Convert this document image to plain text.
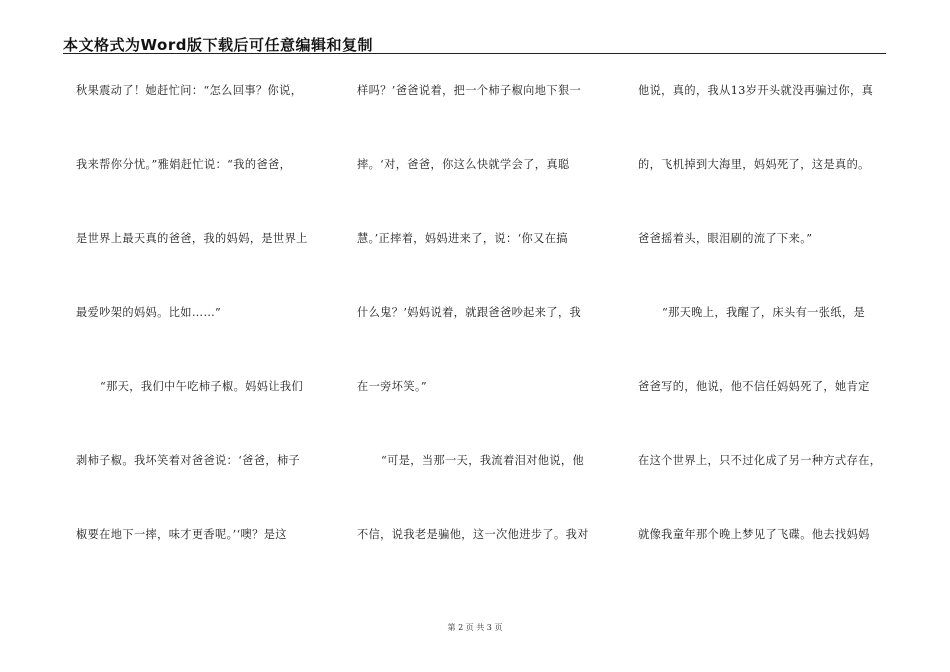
本文格式为Word版下载后可任意编辑和复制
秋果震动了！她赶忙问：“怎么回事？你说，
我来帮你分忧。”雅娟赶忙说：“我的爸爸，
是世界上最天真的爸爸，我的妈妈，是世界上
最爱吵架的妈妈。比如……”
“那天，我们中午吃柿子椒。妈妈让我们
剥柿子椒。我坏笑着对爸爸说：‘爸爸，柿子
椒要在地下一摔，味才更香呢。’‘噢？是这
样吗？’爸爸说着，把一个柿子椒向地下狠一
摔。‘对，爸爸，你这么快就学会了，真聪
慧。’正摔着，妈妈进来了，说：‘你又在搞
什么鬼？’妈妈说着，就跟爸爸吵起来了，我
在一旁坏笑。”
“可是，当那一天，我流着泪对他说，他
不信，说我老是骗他，这一次他进步了。我对
他说，真的，我从13岁开头就没再骗过你，真
的，飞机掉到大海里，妈妈死了，这是真的。
爸爸摇着头，眼泪刷的流了下来。”
“那天晚上，我醒了，床头有一张纸，是
爸爸写的，他说，他不信任妈妈死了，她肯定
在这个世界上，只不过化成了另一种方式存在，
就像我童年那个晚上梦见了飞碟。他去找妈妈
第 2 页 共 3 页
